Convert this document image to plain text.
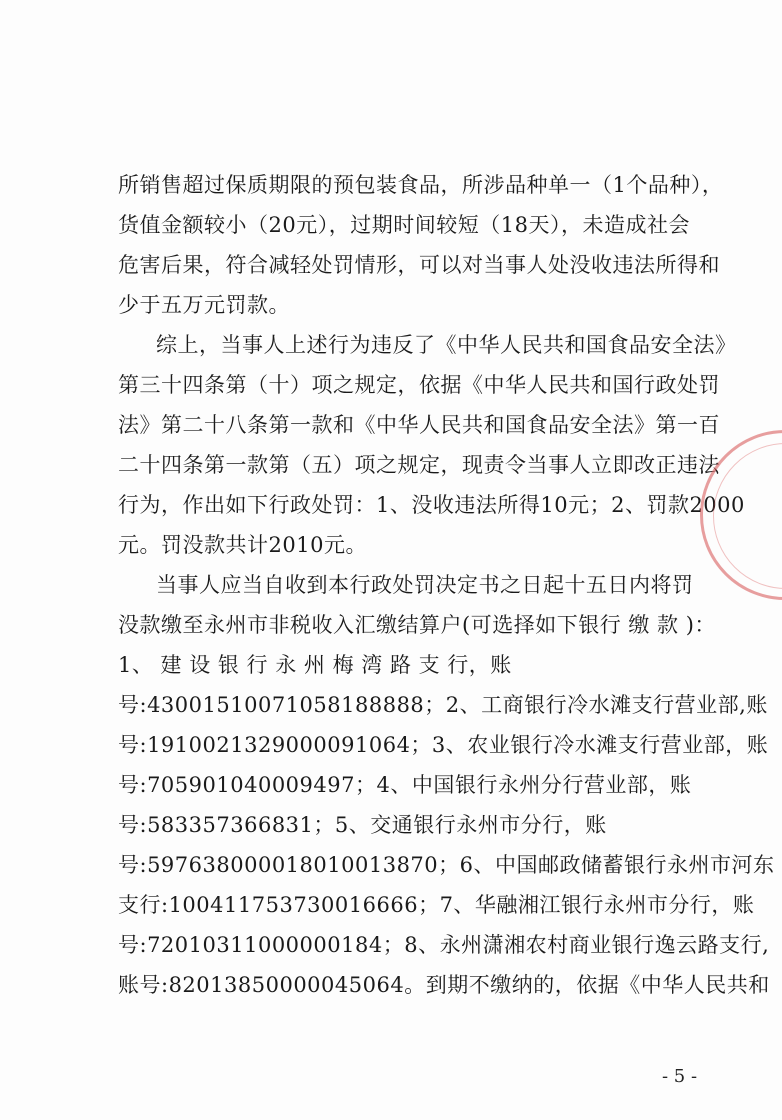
所销售超过保质期限的预包装食品，所涉品种单一（1个品种），
货值金额较小（20元），过期时间较短（18天），未造成社会
危害后果，符合减轻处罚情形，可以对当事人处没收违法所得和
少于五万元罚款。
综上，当事人上述行为违反了《中华人民共和国食品安全法》
第三十四条第（十）项之规定，依据《中华人民共和国行政处罚
法》第二十八条第一款和《中华人民共和国食品安全法》第一百
二十四条第一款第（五）项之规定，现责令当事人立即改正违法
行为，作出如下行政处罚：1、没收违法所得10元；2、罚款2000
元。罚没款共计2010元。
当事人应当自收到本行政处罚决定书之日起十五日内将罚
没款缴至永州市非税收入汇缴结算户(可选择如下银行 缴 款 )：
1、 建 设 银 行 永 州 梅 湾 路 支 行，账
号:43001510071058188888；2、工商银行冷水滩支行营业部,账
号:1910021329000091064；3、农业银行冷水滩支行营业部，账
号:705901040009497；4、中国银行永州分行营业部，账
号:583357366831；5、交通银行永州市分行，账
号:597638000018010013870；6、中国邮政储蓄银行永州市河东
支行:100411753730016666；7、华融湘江银行永州市分行，账
号:72010311000000184；8、永州潇湘农村商业银行逸云路支行,
账号:82013850000045064。到期不缴纳的，依据《中华人民共和
- 5 -
